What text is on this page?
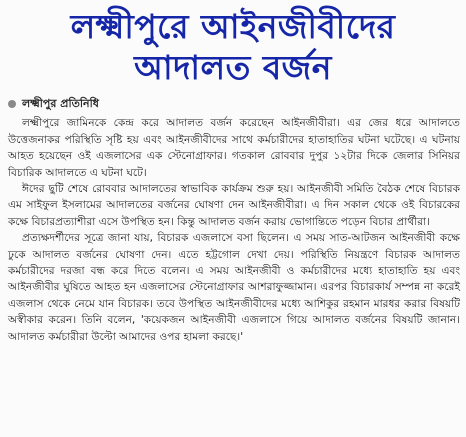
লক্ষ্মীপুরে আইনজীবীদের
আদালত বর্জন
লক্ষ্মীপুর প্রতিনিধি

লক্ষ্মীপুরে জামিনকে কেন্দ্র করে আদালত বর্জন করেছেন আইনজীবীরা। এর জের ধরে আদালতে উত্তেজনাকর পরিস্থিতি সৃষ্টি হয় এবং আইনজীবীদের সাথে কর্মচারীদের হাতাহাতির ঘটনা ঘটেছে। এ ঘটনায় আহত হয়েছেন ওই এজলাসের এক স্টেনোগ্রাফার। গতকাল রোববার দুপুর ১২টার দিকে জেলার সিনিয়র বিচারিক আদালতে এ ঘটনা ঘটে।

ঈদের ছুটি শেষে রোববার আদালতের স্বাভাবিক কার্যক্রম শুরু হয়। আইনজীবী সমিতি বৈঠক শেষে বিচারক এম সাইফুল ইসলামের আদালতের বর্জনের ঘোষণা দেন আইনজীবীরা। এ দিন সকাল থেকে ওই বিচারকের কক্ষে বিচারপ্রত্যাশীরা এসে উপস্থিত হন। কিন্তু আদালত বর্জন করায় ভোগান্তিতে পড়েন বিচার প্রার্থীরা।

প্রত্যক্ষদর্শীদের সূত্রে জানা যায়, বিচারক এজলাসে বসা ছিলেন। এ সময় সাত-আটজন আইনজীবী কক্ষে ঢুকে আদালত বর্জনের ঘোষণা দেন। এতে হট্টগোল দেখা দেয়। পরিস্থিতি নিয়ন্ত্রণে বিচারক আদালত কর্মচারীদের দরজা বন্ধ করে দিতে বলেন। এ সময় আইনজীবী ও কর্মচারীদের মধ্যে হাতাহাতি হয় এবং আইনজীবীর ঘুষিতে আহত হন এজলাসের স্টেনোগ্রাফার আশরাফুজ্জামান। এরপর বিচারকার্য সম্পন্ন না করেই এজলাস থেকে নেমে যান বিচারক। তবে উপস্থিত আইনজীবীদের মধ্যে আশিকুর রহমান মারধর করার বিষয়টি অস্বীকার করেন। তিনি বলেন, 'কয়েকজন আইনজীবী এজলাসে গিয়ে আদালত বর্জনের বিষয়টি জানান। আদালত কর্মচারীরা উল্টো আমাদের ওপর হামলা করছে।'
